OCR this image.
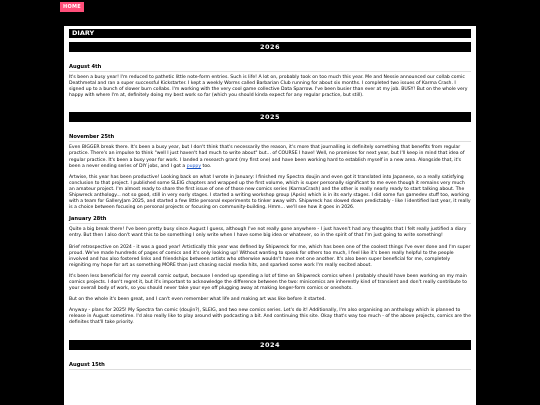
HOME
DIARY
2026
August 4th

It's been a busy year! I'm reduced to pathetic little note-form entries. Such is life! A lot on, probably took on too much this year. Me and Nessie announced our collab comic Deathmetal and ran a super successful Kickstarter. I kept a weekly Worms called Barbarian Club running for about six months. I completed two issues of Karma Crash. I signed up to a bunch of slower burn collabs. I'm working with the very cool game collective Data Sparrow. I've been busier than ever at my job. BUSY! But on the whole very happy with where I'm at, definitely doing my best work so far (which you should kinda expect for any regular practice, but still).

2025
November 25th

Even BIGGER break there. It's been a busy year, but I don't think that's necessarily the reason, it's more that journalling is definitely something that benefits from regular practice. There's an impulse to think "well I just haven't had much to write about" but... of COURSE I have! Well, no promises for next year, but I'll keep in mind that idea of regular practice. It's been a busy year for work. I landed a research grant (my first one) and have been working hard to establish myself in a new area. Alongside that, it's been a never ending series of DIY jobs, and I got a puppy too.

Artwise, this year has been productive! Looking back on what I wrote in January: I finished my Spectra doujin and even got it translated into Japanese, so a really satisfying conclusion to that project. I published some SLEIG chapters and wrapped up the first volume, which is super personally significant to me even though it remains very much an amateur project. I'm almost ready to share the first issue of one of those new comics series (KarmaCrash) and the other is really nearly ready to start talking about. The Shipwreck anthology... not so good, still in very early stages. I started a writing workshop group (Apsis) which is in its early stages. I did some fun gamedev stuff too, working with a team for GalleryJam 2025, and started a few little personal experiments to tinker away with. Shipwreck has slowed down predictably - like I identified last year, it really is a choice between focusing on personal projects or focusing on community-building. Hmm... we'll see how it goes in 2026.

January 28th

Quite a big break there! I've been pretty busy since August I guess, although I've not really gone anywhere - I just haven't had any thoughts that I felt really justified a diary entry. But then I also don't want this to be something I only write when I have some big idea or whatever, so in the spirit of that I'm just going to write something!

Brief retrospective on 2024 - it was a good year! Artistically this year was defined by Shipwreck for me, which has been one of the coolest things I've ever done and I'm super proud. We've made hundreds of pages of comics and it's only looking up! Without wanting to speak for others too much, I feel like it's been really helpful to the people involved and has also fostered links and friendships between artists who otherwise wouldn't have met one another. It's also been super beneficial for me, completely reigniting my hope for art as something MORE than just chasing social media hits, and sparked some work I'm really excited about.

It's been less beneficial for my overall comic output, because I ended up spending a lot of time on Shipwreck comics when I probably should have been working on my main comics projects. I don't regret it, but it's important to acknowledge the difference between the two: minicomics are inherently kind of transient and don't really contribute to your overall body of work, so you should never take your eye off plugging away at making longer-form comics or oneshots.

But on the whole it's been great, and I can't even remember what life and making art was like before it started.

Anyway - plans for 2025! My Spectra fan comic (doujin?), SLEIG, and two new comics series. Let's do it! Additionally, I'm also organising an anthology which is planned to release in August sometime. I'd also really like to play around with podcasting a bit. And continuing this site. Okay that's way too much - of the above projects, comics are the definites that'll take priority.

2024
August 15th
